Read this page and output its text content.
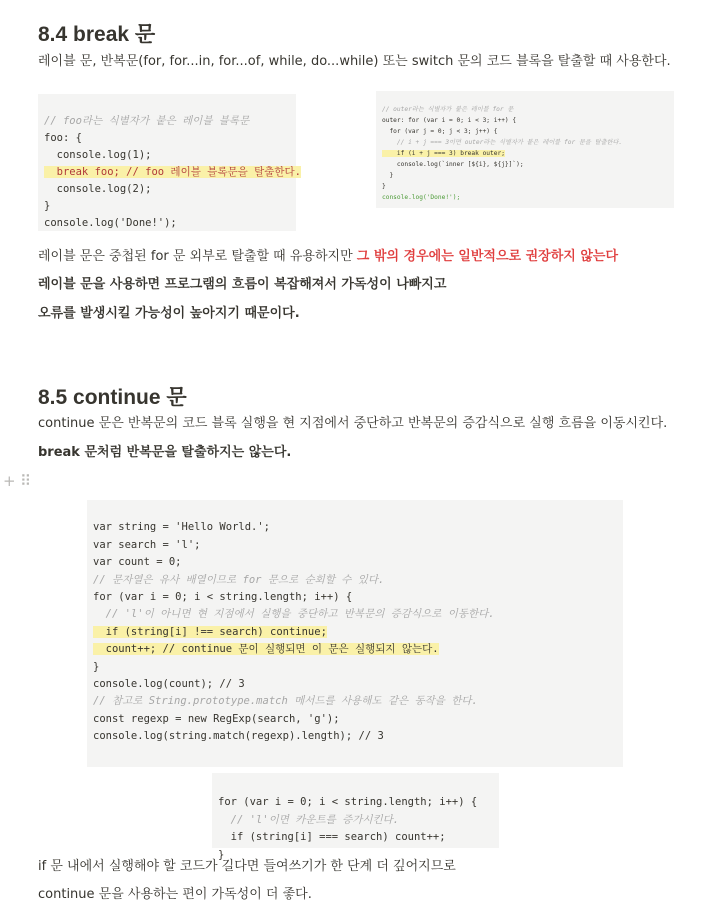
8.4 break 문
레이블 문, 반복문(for, for...in, for...of, while, do...while) 또는 switch 문의 코드 블록을 탈출할 때 사용한다.

// foo라는 식별자가 붙은 레이블 블록문
foo: {
console.log(1);
break foo; // foo 레이블 블록문을 탈출한다.
console.log(2);
}
console.log('Done!');

// outer라는 식별자가 붙은 레이블 for 문
outer: for (var i = 0; i < 3; i++) {
for (var j = 0; j < 3; j++) {
// i + j === 3이면 outer라는 식별자가 붙은 레이블 for 문을 탈출한다.
if (i + j === 3) break outer;
console.log(`inner [${i}, ${j}]`);
}
}
console.log('Done!');

레이블 문은 중첩된 for 문 외부로 탈출할 때 유용하지만 그 밖의 경우에는 일반적으로 권장하지 않는다
레이블 문을 사용하면 프로그램의 흐름이 복잡해져서 가독성이 나빠지고
오류를 발생시킬 가능성이 높아지기 때문이다.
8.5 continue 문
continue 문은 반복문의 코드 블록 실행을 현 지점에서 중단하고 반복문의 증감식으로 실행 흐름을 이동시킨다.
break 문처럼 반복문을 탈출하지는 않는다.
+ ⠿

var string = 'Hello World.';
var search = 'l';
var count = 0;
// 문자열은 유사 배열이므로 for 문으로 순회할 수 있다.
for (var i = 0; i < string.length; i++) {
// 'l'이 아니면 현 지점에서 실행을 중단하고 반복문의 증감식으로 이동한다.
if (string[i] !== search) continue;
count++; // continue 문이 실행되면 이 문은 실행되지 않는다.
}
console.log(count); // 3
// 참고로 String.prototype.match 메서드를 사용해도 같은 동작을 한다.
const regexp = new RegExp(search, 'g');
console.log(string.match(regexp).length); // 3

for (var i = 0; i < string.length; i++) {
// 'l'이면 카운트를 증가시킨다.
if (string[i] === search) count++;
}

if 문 내에서 실행해야 할 코드가 길다면 들여쓰기가 한 단계 더 깊어지므로
continue 문을 사용하는 편이 가독성이 더 좋다.
